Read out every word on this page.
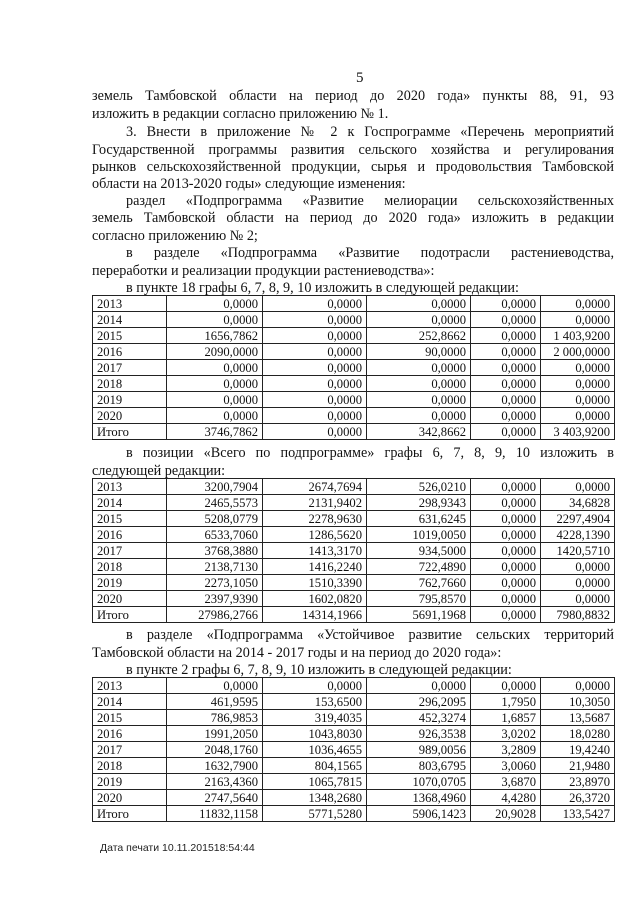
5
земель Тамбовской области на период до 2020 года» пункты 88, 91, 93
изложить в редакции согласно приложению № 1.
3. Внести в приложение № 2 к Госпрограмме «Перечень мероприятий
Государственной программы развития сельского хозяйства и регулирования
рынков сельскохозяйственной продукции, сырья и продовольствия Тамбовской
области на 2013-2020 годы» следующие изменения:
раздел «Подпрограмма «Развитие мелиорации сельскохозяйственных
земель Тамбовской области на период до 2020 года» изложить в редакции
согласно приложению № 2;
в разделе «Подпрограмма «Развитие подотрасли растениеводства,
переработки и реализации продукции растениеводства»:
в пункте 18 графы 6, 7, 8, 9, 10 изложить в следующей редакции:
2013	0,0000	0,0000	0,0000	0,0000	0,0000
2014	0,0000	0,0000	0,0000	0,0000	0,0000
2015	1656,7862	0,0000	252,8662	0,0000	1 403,9200
2016	2090,0000	0,0000	90,0000	0,0000	2 000,0000
2017	0,0000	0,0000	0,0000	0,0000	0,0000
2018	0,0000	0,0000	0,0000	0,0000	0,0000
2019	0,0000	0,0000	0,0000	0,0000	0,0000
2020	0,0000	0,0000	0,0000	0,0000	0,0000
Итого	3746,7862	0,0000	342,8662	0,0000	3 403,9200
в позиции «Всего по подпрограмме» графы 6, 7, 8, 9, 10 изложить в
следующей редакции:
2013	3200,7904	2674,7694	526,0210	0,0000	0,0000
2014	2465,5573	2131,9402	298,9343	0,0000	34,6828
2015	5208,0779	2278,9630	631,6245	0,0000	2297,4904
2016	6533,7060	1286,5620	1019,0050	0,0000	4228,1390
2017	3768,3880	1413,3170	934,5000	0,0000	1420,5710
2018	2138,7130	1416,2240	722,4890	0,0000	0,0000
2019	2273,1050	1510,3390	762,7660	0,0000	0,0000
2020	2397,9390	1602,0820	795,8570	0,0000	0,0000
Итого	27986,2766	14314,1966	5691,1968	0,0000	7980,8832
в разделе «Подпрограмма «Устойчивое развитие сельских территорий
Тамбовской области на 2014 - 2017 годы и на период до 2020 года»:
в пункте 2 графы 6, 7, 8, 9, 10 изложить в следующей редакции:
2013	0,0000	0,0000	0,0000	0,0000	0,0000
2014	461,9595	153,6500	296,2095	1,7950	10,3050
2015	786,9853	319,4035	452,3274	1,6857	13,5687
2016	1991,2050	1043,8030	926,3538	3,0202	18,0280
2017	2048,1760	1036,4655	989,0056	3,2809	19,4240
2018	1632,7900	804,1565	803,6795	3,0060	21,9480
2019	2163,4360	1065,7815	1070,0705	3,6870	23,8970
2020	2747,5640	1348,2680	1368,4960	4,4280	26,3720
Итого	11832,1158	5771,5280	5906,1423	20,9028	133,5427
Дата печати 10.11.201518:54:44
